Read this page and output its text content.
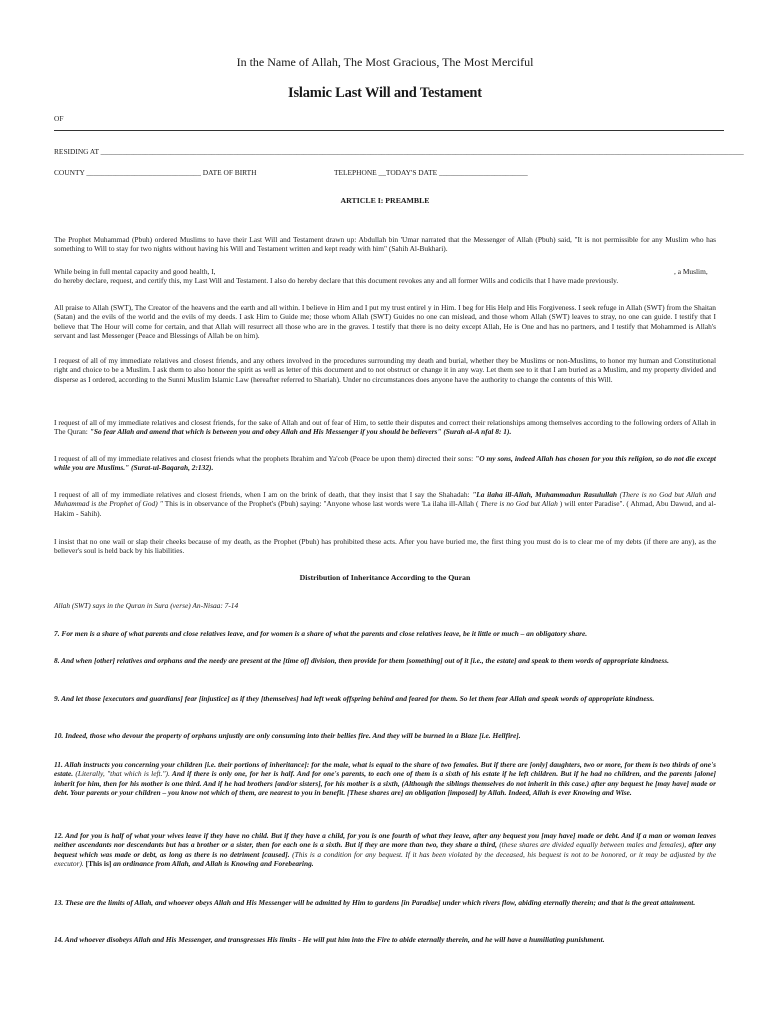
In the Name of Allah, The Most Gracious, The Most Merciful
Islamic Last Will and Testament
OF
RESIDING AT ______________________________________________________________________________________________________________________________________________________________________________
COUNTY _______________________________ DATE OF BIRTH	TELEPHONE __TODAY'S DATE ________________________
ARTICLE I: PREAMBLE
The Prophet Muhammad (Pbuh) ordered Muslims to have their Last Will and Testament drawn up: Abdullah bin 'Umar narrated that the Messenger of Allah (Pbuh) said, "It is not permissible for any Muslim who has something to Will to stay for two nights without having his Will and Testament written and kept ready with him" (Sahih Al-Bukhari).
While being in full mental capacity and good health, I,
do hereby declare, request, and certify this, my Last Will and Testament. I also do hereby declare that this document revokes any and all former Wills and codicils that I have made previously.
, a Muslim,
All praise to Allah (SWT), The Creator of the heavens and the earth and all within. I believe in Him and I put my trust entirel y in Him. I beg for His Help and His Forgiveness. I seek refuge in Allah (SWT) from the Shaitan (Satan) and the evils of the world and the evils of my deeds. I ask Him to Guide me; those whom Allah (SWT) Guides no one can mislead, and those whom Allah (SWT) leaves to stray, no one can guide. I testify that I believe that The Hour will come for certain, and that Allah will resurrect all those who are in the graves. I testify that there is no deity except Allah, He is One and has no partners, and I testify that Mohammed is Allah's servant and last Messenger (Peace and Blessings of Allah be on him).
I request of all of my immediate relatives and closest friends, and any others involved in the procedures surrounding my death and burial, whether they be Muslims or non-Muslims, to honor my human and Constitutional right and choice to be a Muslim. I ask them to also honor the spirit as well as letter of this document and to not obstruct or change it in any way. Let them see to it that I am buried as a Muslim, and my property divided and disperse as I ordered, according to the Sunni Muslim Islamic Law (hereafter referred to Shariah). Under no circumstances does anyone have the authority to change the contents of this Will.
I request of all of my immediate relatives and closest friends, for the sake of Allah and out of fear of Him, to settle their disputes and correct their relationships among themselves according to the following orders of Allah in The Quran: "So fear Allah and amend that which is between you and obey Allah and His Messenger if you should be believers" (Surah al-A nfal 8: 1).
I request of all of my immediate relatives and closest friends what the prophets Ibrahim and Ya'cob (Peace be upon them) directed their sons: "O my sons, indeed Allah has chosen for you this religion, so do not die except while you are Muslims." (Surat-ul-Baqarah, 2:132).
I request of all of my immediate relatives and closest friends, when I am on the brink of death, that they insist that I say the Shahadah: "La ilaha ill-Allah, Muhammadun Rasulullah (There is no God but Allah and Muhammad is the Prophet of God) " This is in observance of the Prophet's (Pbuh) saying: "Anyone whose last words were 'La ilaha ill-Allah ( There is no God but Allah ) will enter Paradise". ( Ahmad, Abu Dawud, and al-Hakim - Sahih).
I insist that no one wail or slap their cheeks because of my death, as the Prophet (Pbuh) has prohibited these acts. After you have buried me, the first thing you must do is to clear me of my debts (if there are any), as the believer's soul is held back by his liabilities.
Distribution of Inheritance According to the Quran
Allah (SWT) says in the Quran in Sura (verse) An-Nisaa: 7-14
7. For men is a share of what parents and close relatives leave, and for women is a share of what the parents and close relatives leave, be it little or much – an obligatory share.
8. And when [other] relatives and orphans and the needy are present at the [time of] division, then provide for them [something] out of it [i.e., the estate] and speak to them words of appropriate kindness.
9. And let those [executors and guardians] fear [injustice] as if they [themselves] had left weak offspring behind and feared for them. So let them fear Allah and speak words of appropriate kindness.
10. Indeed, those who devour the property of orphans unjustly are only consuming into their bellies fire. And they will be burned in a Blaze [i.e. Hellfire].
11. Allah instructs you concerning your children [i.e. their portions of inheritance]: for the male, what is equal to the share of two females. But if there are [only] daughters, two or more, for them is two thirds of one's estate. (Literally, "that which is left."). And if there is only one, for her is half. And for one's parents, to each one of them is a sixth of his estate if he left children. But if he had no children, and the parents [alone] inherit for him, then for his mother is one third. And if he had brothers [and/or sisters], for his mother is a sixth, (Although the siblings themselves do not inherit in this case.) after any bequest he [may have] made or debt. Your parents or your children – you know not which of them, are nearest to you in benefit. [These shares are] an obligation [imposed] by Allah. Indeed, Allah is ever Knowing and Wise.
12. And for you is half of what your wives leave if they have no child. But if they have a child, for you is one fourth of what they leave, after any bequest you [may have] made or debt. And if a man or woman leaves neither ascendants nor descendants but has a brother or a sister, then for each one is a sixth. But if they are more than two, they share a third, (these shares are divided equally between males and females), after any bequest which was made or debt, as long as there is no detriment [caused]. (This is a condition for any bequest. If it has been violated by the deceased, his bequest is not to be honored, or it may be adjusted by the executor). [This is] an ordinance from Allah, and Allah is Knowing and Forebearing.
13. These are the limits of Allah, and whoever obeys Allah and His Messenger will be admitted by Him to gardens [in Paradise] under which rivers flow, abiding eternally therein; and that is the great attainment.
14. And whoever disobeys Allah and His Messenger, and transgresses His limits - He will put him into the Fire to abide eternally therein, and he will have a humiliating punishment.
